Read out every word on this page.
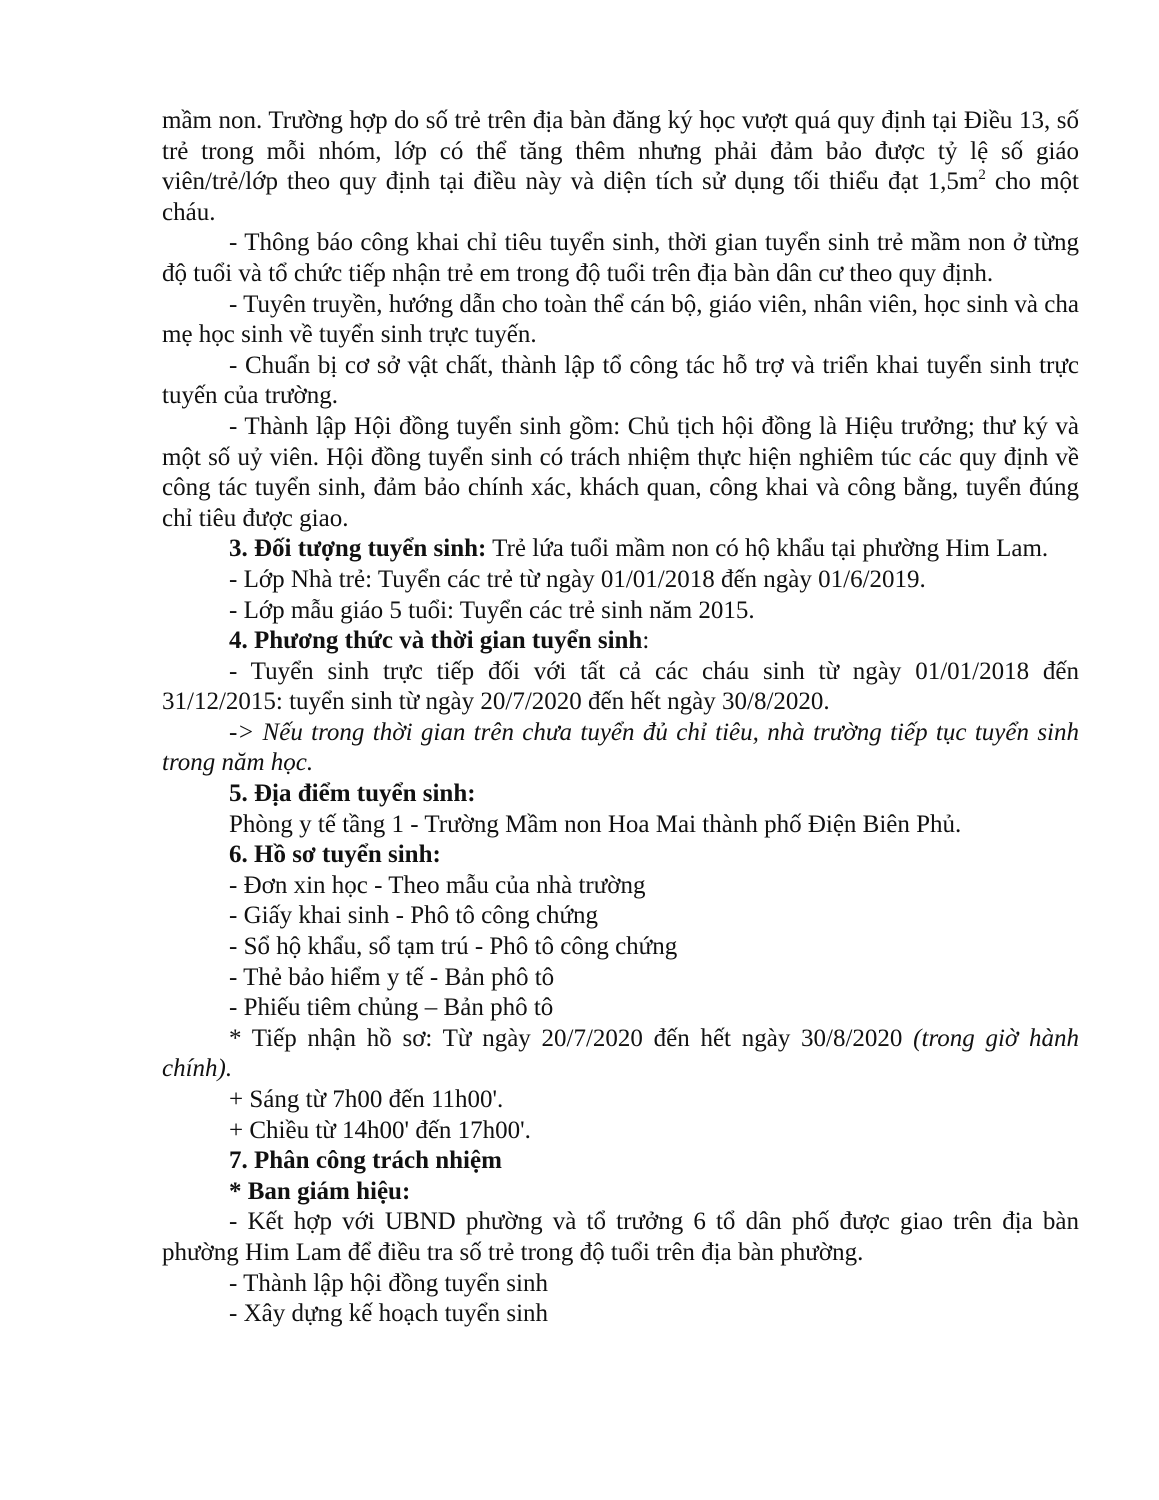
mầm non. Trường hợp do số trẻ trên địa bàn đăng ký học vượt quá quy định tại Điều 13, số trẻ trong mỗi nhóm, lớp có thể tăng thêm nhưng phải đảm bảo được tỷ lệ số giáo viên/trẻ/lớp theo quy định tại điều này và diện tích sử dụng tối thiểu đạt $1,5m^2$ cho một cháu.

- Thông báo công khai chỉ tiêu tuyển sinh, thời gian tuyển sinh trẻ mầm non ở từng độ tuổi và tổ chức tiếp nhận trẻ em trong độ tuổi trên địa bàn dân cư theo quy định.

- Tuyên truyền, hướng dẫn cho toàn thể cán bộ, giáo viên, nhân viên, học sinh và cha mẹ học sinh về tuyển sinh trực tuyến.

- Chuẩn bị cơ sở vật chất, thành lập tổ công tác hỗ trợ và triển khai tuyển sinh trực tuyến của trường.

- Thành lập Hội đồng tuyển sinh gồm: Chủ tịch hội đồng là Hiệu trưởng; thư ký và một số uỷ viên. Hội đồng tuyển sinh có trách nhiệm thực hiện nghiêm túc các quy định về công tác tuyển sinh, đảm bảo chính xác, khách quan, công khai và công bằng, tuyển đúng chỉ tiêu được giao.

3. Đối tượng tuyển sinh: Trẻ lứa tuổi mầm non có hộ khẩu tại phường Him Lam.

- Lớp Nhà trẻ: Tuyển các trẻ từ ngày 01/01/2018 đến ngày 01/6/2019.

- Lớp mẫu giáo 5 tuổi: Tuyển các trẻ sinh năm 2015.

4. Phương thức và thời gian tuyển sinh:

- Tuyển sinh trực tiếp đối với tất cả các cháu sinh từ ngày 01/01/2018 đến 31/12/2015: tuyển sinh từ ngày 20/7/2020 đến hết ngày 30/8/2020.

-> Nếu trong thời gian trên chưa tuyển đủ chỉ tiêu, nhà trường tiếp tục tuyển sinh trong năm học.

5. Địa điểm tuyển sinh:

Phòng y tế tầng 1 - Trường Mầm non Hoa Mai thành phố Điện Biên Phủ.

6. Hồ sơ tuyển sinh:

- Đơn xin học - Theo mẫu của nhà trường

- Giấy khai sinh - Phô tô công chứng

- Sổ hộ khẩu, sổ tạm trú - Phô tô công chứng

- Thẻ bảo hiểm y tế - Bản phô tô

- Phiếu tiêm chủng – Bản phô tô

* Tiếp nhận hồ sơ: Từ ngày 20/7/2020 đến hết ngày 30/8/2020 (trong giờ hành chính).

+ Sáng từ 7h00 đến 11h00'.

+ Chiều từ 14h00' đến 17h00'.

7. Phân công trách nhiệm

* Ban giám hiệu:

- Kết hợp với UBND phường và tổ trưởng 6 tổ dân phố được giao trên địa bàn phường Him Lam để điều tra số trẻ trong độ tuổi trên địa bàn phường.

- Thành lập hội đồng tuyển sinh

- Xây dựng kế hoạch tuyển sinh
